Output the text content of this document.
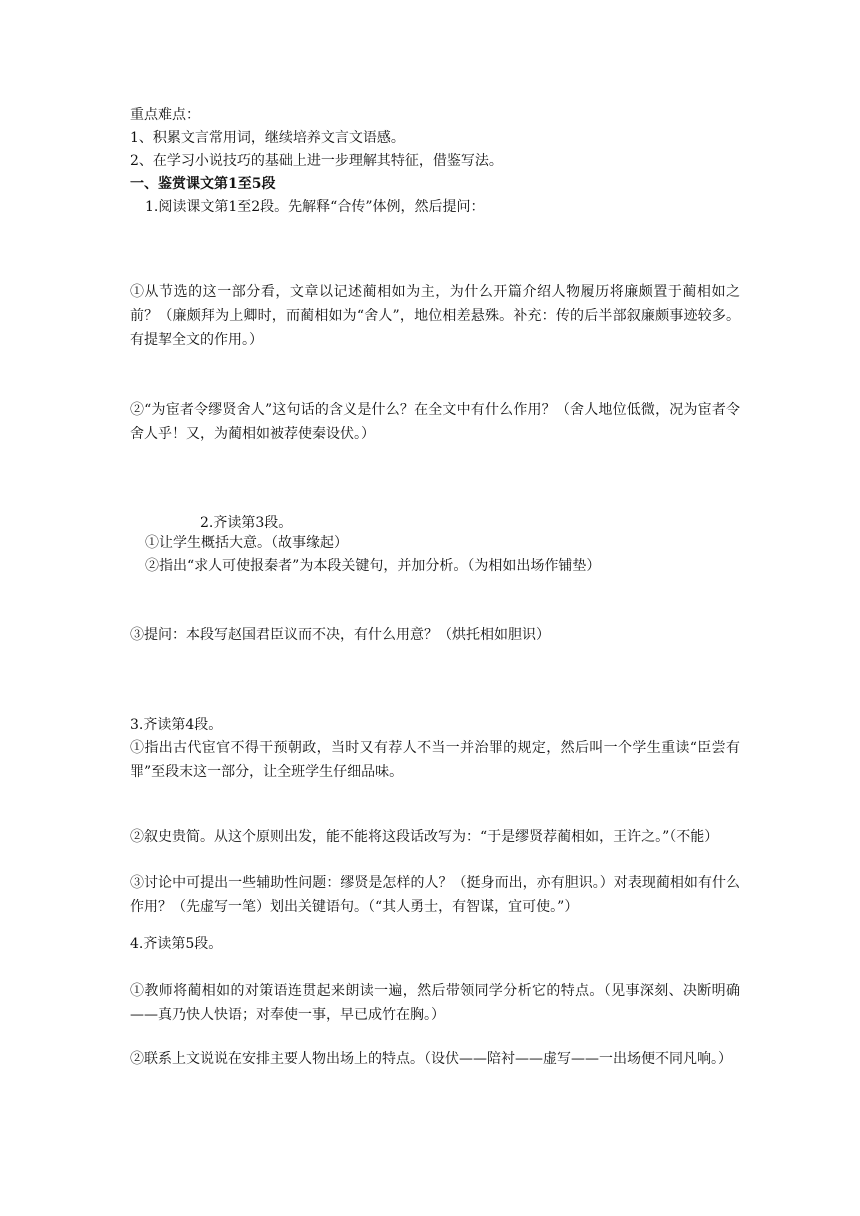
重点难点：
1、积累文言常用词，继续培养文言文语感。
2、在学习小说技巧的基础上进一步理解其特征，借鉴写法。
一、鉴赏课文第1至5段
1.阅读课文第1至2段。先解释“合传”体例，然后提问：
①从节选的这一部分看，文章以记述蔺相如为主，为什么开篇介绍人物履历将廉颇置于蔺相如之前？（廉颇拜为上卿时，而蔺相如为“舍人”，地位相差悬殊。补充：传的后半部叙廉颇事迹较多。有提挈全文的作用。）
②“为宦者令缪贤舍人”这句话的含义是什么？在全文中有什么作用？（舍人地位低微，况为宦者令舍人乎！又，为蔺相如被荐使秦设伏。）
2.齐读第3段。
①让学生概括大意。（故事缘起）
②指出“求人可使报秦者”为本段关键句，并加分析。（为相如出场作铺垫）
③提问：本段写赵国君臣议而不决，有什么用意？（烘托相如胆识）
3.齐读第4段。
①指出古代宦官不得干预朝政，当时又有荐人不当一并治罪的规定，然后叫一个学生重读“臣尝有罪”至段末这一部分，让全班学生仔细品味。
②叙史贵简。从这个原则出发，能不能将这段话改写为：“于是缪贤荐蔺相如，王许之。”（不能）
③讨论中可提出一些辅助性问题：缪贤是怎样的人？（挺身而出，亦有胆识。）对表现蔺相如有什么作用？（先虚写一笔）划出关键语句。（“其人勇士，有智谋，宜可使。”）
4.齐读第5段。
①教师将蔺相如的对策语连贯起来朗读一遍，然后带领同学分析它的特点。（见事深刻、决断明确——真乃快人快语；对奉使一事，早已成竹在胸。）
②联系上文说说在安排主要人物出场上的特点。（设伏——陪衬——虚写——一出场便不同凡响。）
